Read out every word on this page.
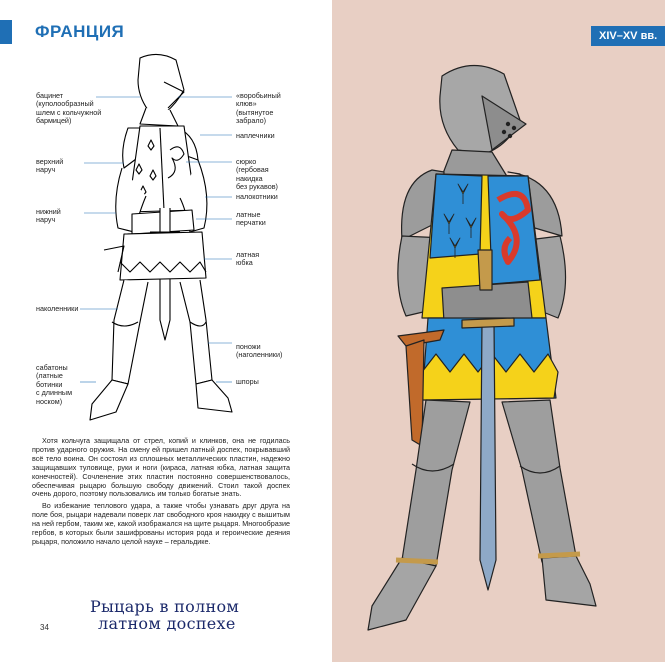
ФРАНЦИЯ	XIV–XV вв.
бацинет
(куполообразный
шлем с кольчужной
бармицей)
«воробьиный
клюв»
(вытянутое
забрало)
наплечники
верхний
наруч
сюрко
(гербовая
накидка
без рукавов)
налокотники
нижний
наруч
латные
перчатки
латная
юбка
наколенники
поножи
(наголенники)
сабатоны
(латные
ботинки
с длинным
носком)
шпоры

Хотя кольчуга защищала от стрел, копий и клинков, она не годилась против ударного оружия. На смену ей пришел латный доспех, покрывавший всё тело воина. Он состоял из сплошных металлических пластин, надежно защищавших туловище, руки и ноги (кираса, латная юбка, латная защита конечностей). Сочленение этих пластин постоянно совершенствовалось, обеспечивая рыцарю большую свободу движений. Стоил такой доспех очень дорого, поэтому пользовались им только богатые знать.

Во избежание теплового удара, а также чтобы узнавать друг друга на поле боя, рыцари надевали поверх лат свободного кроя накидку с вышитым на ней гербом, таким же, какой изображался на щите рыцаря. Многообразие гербов, в которых были зашифрованы история рода и героические деяния рыцаря, положило начало целой науке – геральдике.

Рыцарь в полном
латном доспехе
34
